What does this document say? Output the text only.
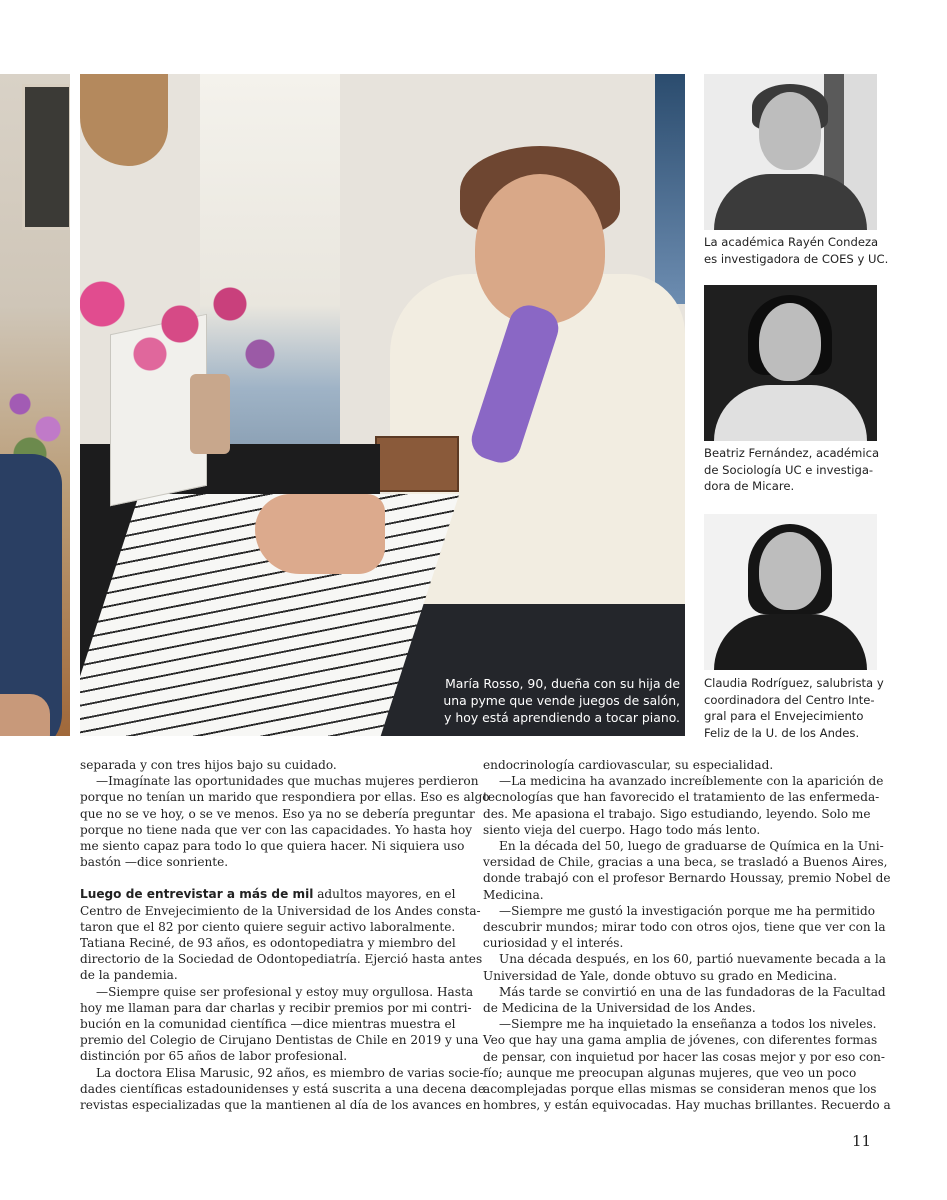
María Rosso, 90, dueña con su hija de
una pyme que vende juegos de salón,
y hoy está aprendiendo a tocar piano.
La académica Rayén Condeza
es investigadora de COES y UC.
Beatriz Fernández, académica
de Sociología UC e investiga-
dora de Micare.
Claudia Rodríguez, salubrista y
coordinadora del Centro Inte-
gral para el Envejecimiento
Feliz de la U. de los Andes.
separada y con tres hijos bajo su cuidado.
—Imagínate las oportunidades que muchas mujeres perdieron
porque no tenían un marido que respondiera por ellas. Eso es algo
que no se ve hoy, o se ve menos. Eso ya no se debería preguntar
porque no tiene nada que ver con las capacidades. Yo hasta hoy
me siento capaz para todo lo que quiera hacer. Ni siquiera uso
bastón —dice sonriente.
Luego de entrevistar a más de mil adultos mayores, en el
Centro de Envejecimiento de la Universidad de los Andes consta-
taron que el 82 por ciento quiere seguir activo laboralmente.
Tatiana Reciné, de 93 años, es odontopediatra y miembro del
directorio de la Sociedad de Odontopediatría. Ejerció hasta antes
de la pandemia.
—Siempre quise ser profesional y estoy muy orgullosa. Hasta
hoy me llaman para dar charlas y recibir premios por mi contri-
bución en la comunidad científica —dice mientras muestra el
premio del Colegio de Cirujano Dentistas de Chile en 2019 y una
distinción por 65 años de labor profesional.
La doctora Elisa Marusic, 92 años, es miembro de varias socie-
dades científicas estadounidenses y está suscrita a una decena de
revistas especializadas que la mantienen al día de los avances en
endocrinología cardiovascular, su especialidad.
—La medicina ha avanzado increíblemente con la aparición de
tecnologías que han favorecido el tratamiento de las enfermeda-
des. Me apasiona el trabajo. Sigo estudiando, leyendo. Solo me
siento vieja del cuerpo. Hago todo más lento.
En la década del 50, luego de graduarse de Química en la Uni-
versidad de Chile, gracias a una beca, se trasladó a Buenos Aires,
donde trabajó con el profesor Bernardo Houssay, premio Nobel de
Medicina.
—Siempre me gustó la investigación porque me ha permitido
descubrir mundos; mirar todo con otros ojos, tiene que ver con la
curiosidad y el interés.
Una década después, en los 60, partió nuevamente becada a la
Universidad de Yale, donde obtuvo su grado en Medicina.
Más tarde se convirtió en una de las fundadoras de la Facultad
de Medicina de la Universidad de los Andes.
—Siempre me ha inquietado la enseñanza a todos los niveles.
Veo que hay una gama amplia de jóvenes, con diferentes formas
de pensar, con inquietud por hacer las cosas mejor y por eso con-
fío; aunque me preocupan algunas mujeres, que veo un poco
acomplejadas porque ellas mismas se consideran menos que los
hombres, y están equivocadas. Hay muchas brillantes. Recuerdo a
11
